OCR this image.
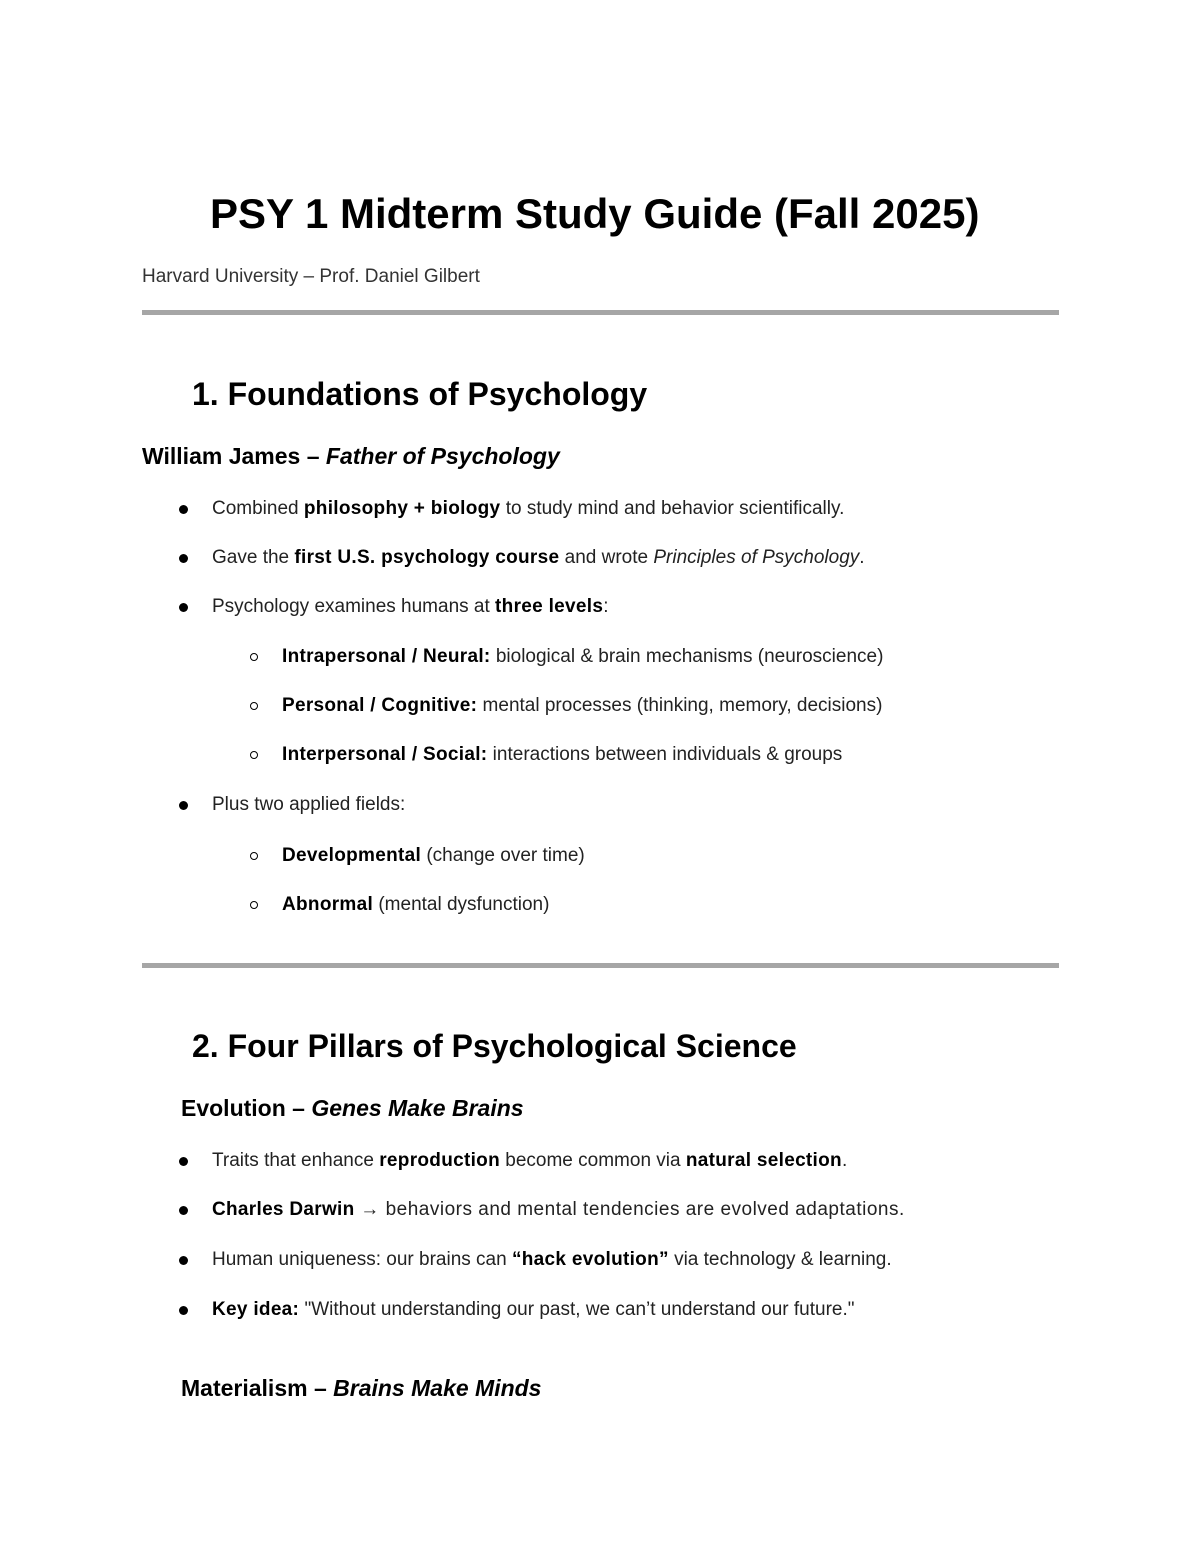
PSY 1 Midterm Study Guide (Fall 2025)
Harvard University – Prof. Daniel Gilbert
1. Foundations of Psychology
William James – Father of Psychology
Combined philosophy + biology to study mind and behavior scientifically.
Gave the first U.S. psychology course and wrote Principles of Psychology.
Psychology examines humans at three levels:
Intrapersonal / Neural: biological & brain mechanisms (neuroscience)
Personal / Cognitive: mental processes (thinking, memory, decisions)
Interpersonal / Social: interactions between individuals & groups
Plus two applied fields:
Developmental (change over time)
Abnormal (mental dysfunction)
2. Four Pillars of Psychological Science
Evolution – Genes Make Brains
Traits that enhance reproduction become common via natural selection.
Charles Darwin → behaviors and mental tendencies are evolved adaptations.
Human uniqueness: our brains can “hack evolution” via technology & learning.
Key idea: "Without understanding our past, we can’t understand our future."
Materialism – Brains Make Minds
